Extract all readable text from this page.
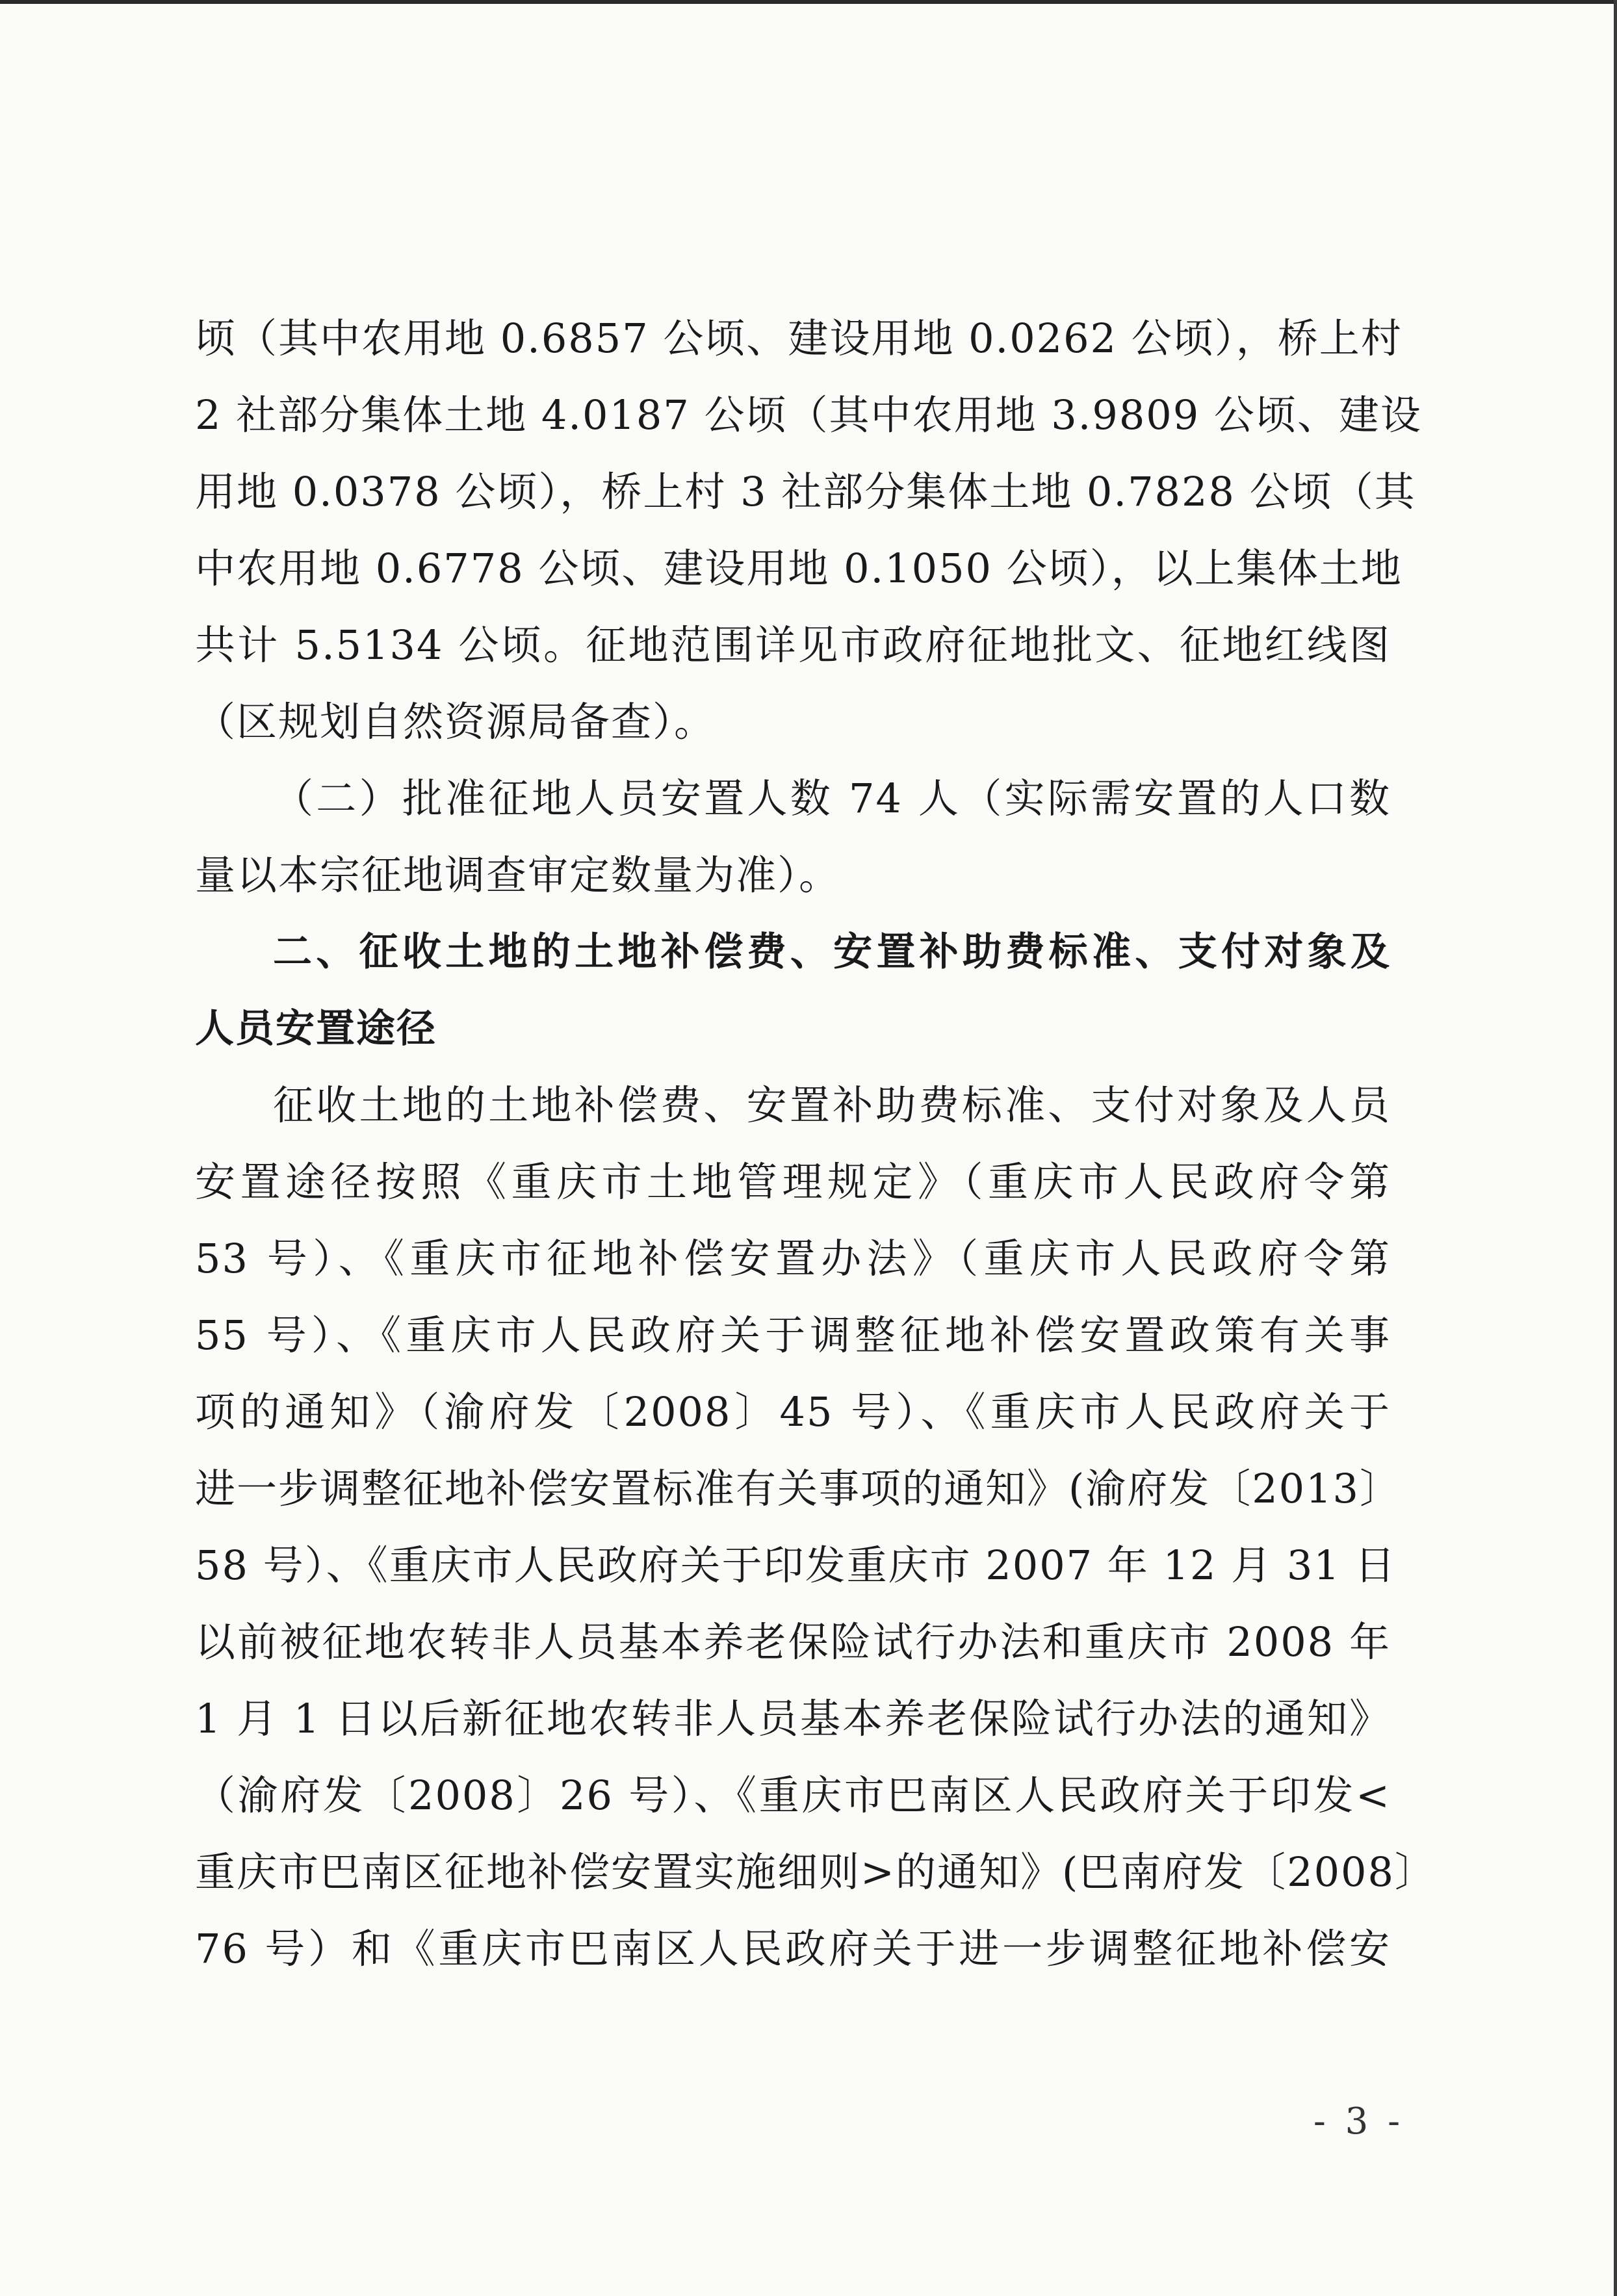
顷（其中农用地 0.6857 公顷、建设用地 0.0262 公顷），桥上村
2 社部分集体土地 4.0187 公顷（其中农用地 3.9809 公顷、建设
用地 0.0378 公顷），桥上村 3 社部分集体土地 0.7828 公顷（其
中农用地 0.6778 公顷、建设用地 0.1050 公顷），以上集体土地
共计 5.5134 公顷。征地范围详见市政府征地批文、征地红线图
（区规划自然资源局备查）。
（二）批准征地人员安置人数 74 人（实际需安置的人口数
量以本宗征地调查审定数量为准）。
二、征收土地的土地补偿费、安置补助费标准、支付对象及
人员安置途径
征收土地的土地补偿费、安置补助费标准、支付对象及人员
安置途径按照《重庆市土地管理规定》（重庆市人民政府令第
53 号）、《重庆市征地补偿安置办法》（重庆市人民政府令第
55 号）、《重庆市人民政府关于调整征地补偿安置政策有关事
项的通知》（渝府发〔2008〕45 号）、《重庆市人民政府关于
进一步调整征地补偿安置标准有关事项的通知》(渝府发〔2013〕
58 号）、《重庆市人民政府关于印发重庆市 2007 年 12 月 31 日
以前被征地农转非人员基本养老保险试行办法和重庆市 2008 年
1 月 1 日以后新征地农转非人员基本养老保险试行办法的通知》
（渝府发〔2008〕26 号）、《重庆市巴南区人民政府关于印发<
重庆市巴南区征地补偿安置实施细则>的通知》(巴南府发〔2008〕
76 号）和《重庆市巴南区人民政府关于进一步调整征地补偿安
- 3 -
